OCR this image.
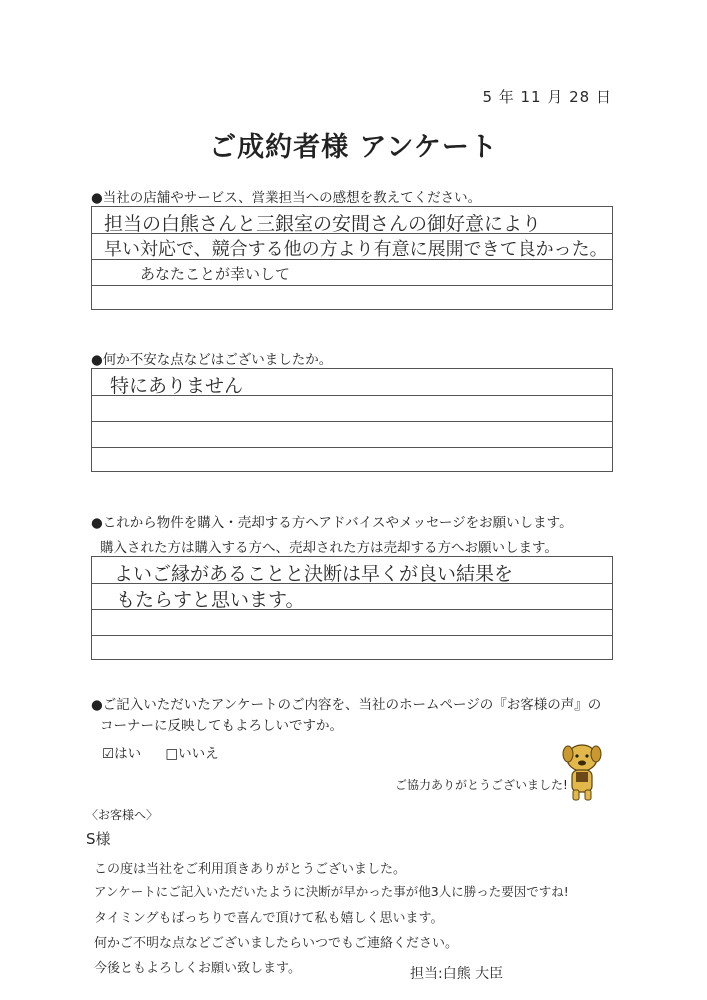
5 年 11 月 28 日
ご成約者様 アンケート
●当社の店舗やサービス、営業担当への感想を教えてください。
担当の白熊さんと三銀室の安間さんの御好意により
早い対応で、競合する他の方より有意に展開できて良かった。
あなたことが幸いして
●何か不安な点などはございましたか。
特にありません
●これから物件を購入・売却する方へアドバイスやメッセージをお願いします。
購入された方は購入する方へ、売却された方は売却する方へお願いします。
よいご縁があることと決断は早くが良い結果を
もたらすと思います。
●ご記入いただいたアンケートのご内容を、当社のホームページの『お客様の声』の
コーナーに反映してもよろしいですか。
☑はい □いいえ
ご協力ありがとうございました!
〈お客様へ〉
S様
この度は当社をご利用頂きありがとうございました。
アンケートにご記入いただいたように決断が早かった事が他3人に勝った要因ですね!
タイミングもばっちりで喜んで頂けて私も嬉しく思います。
何かご不明な点などございましたらいつでもご連絡ください。
今後ともよろしくお願い致します。	担当:白熊 大臣
